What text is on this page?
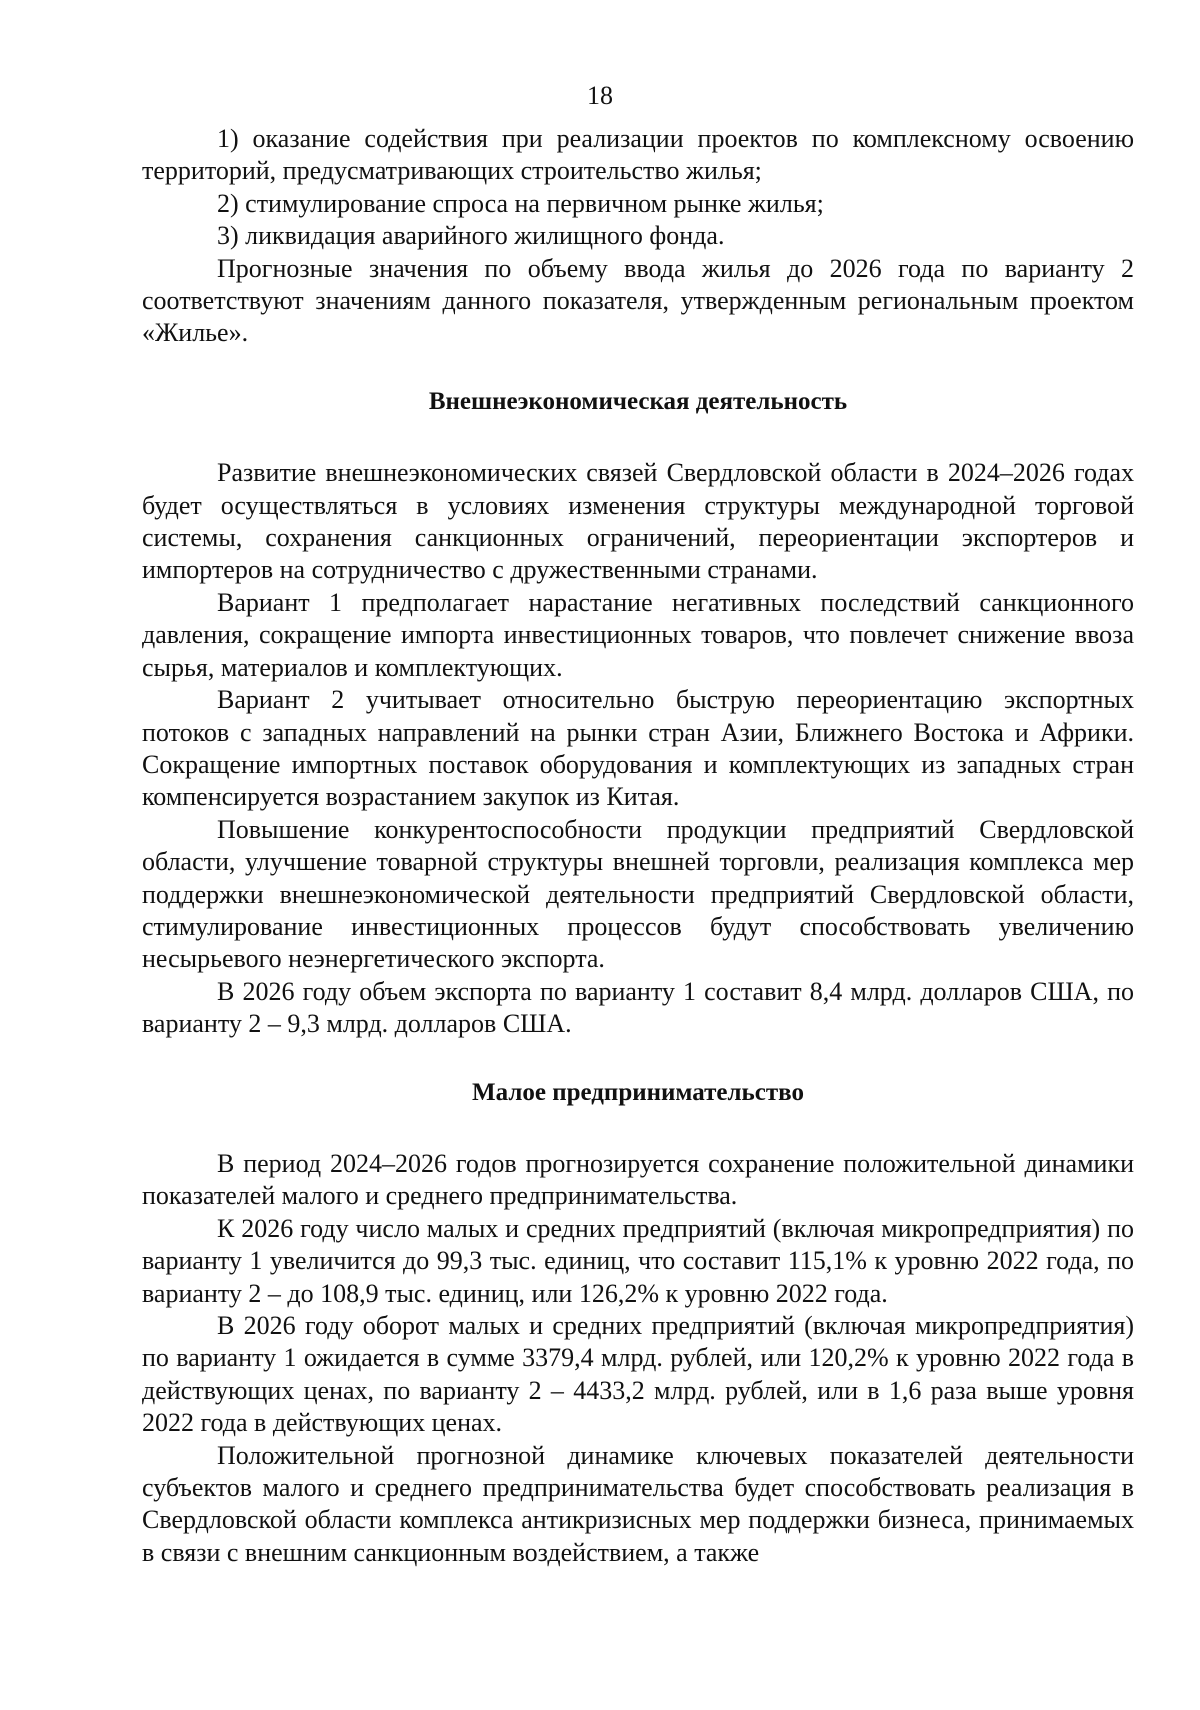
18

1) оказание содействия при реализации проектов по комплексному освоению территорий, предусматривающих строительство жилья;

2) стимулирование спроса на первичном рынке жилья;

3) ликвидация аварийного жилищного фонда.

Прогнозные значения по объему ввода жилья до 2026 года по варианту 2 соответствуют значениям данного показателя, утвержденным региональным проектом «Жилье».

Внешнеэкономическая деятельность

Развитие внешнеэкономических связей Свердловской области в 2024–2026 годах будет осуществляться в условиях изменения структуры международной торговой системы, сохранения санкционных ограничений, переориентации экспортеров и импортеров на сотрудничество с дружественными странами.

Вариант 1 предполагает нарастание негативных последствий санкционного давления, сокращение импорта инвестиционных товаров, что повлечет снижение ввоза сырья, материалов и комплектующих.

Вариант 2 учитывает относительно быструю переориентацию экспортных потоков с западных направлений на рынки стран Азии, Ближнего Востока и Африки. Сокращение импортных поставок оборудования и комплектующих из западных стран компенсируется возрастанием закупок из Китая.

Повышение конкурентоспособности продукции предприятий Свердловской области, улучшение товарной структуры внешней торговли, реализация комплекса мер поддержки внешнеэкономической деятельности предприятий Свердловской области, стимулирование инвестиционных процессов будут способствовать увеличению несырьевого неэнергетического экспорта.

В 2026 году объем экспорта по варианту 1 составит 8,4 млрд. долларов США, по варианту 2 – 9,3 млрд. долларов США.

Малое предпринимательство

В период 2024–2026 годов прогнозируется сохранение положительной динамики показателей малого и среднего предпринимательства.

К 2026 году число малых и средних предприятий (включая микропредприятия) по варианту 1 увеличится до 99,3 тыс. единиц, что составит 115,1% к уровню 2022 года, по варианту 2 – до 108,9 тыс. единиц, или 126,2% к уровню 2022 года.

В 2026 году оборот малых и средних предприятий (включая микропредприятия) по варианту 1 ожидается в сумме 3379,4 млрд. рублей, или 120,2% к уровню 2022 года в действующих ценах, по варианту 2 – 4433,2 млрд. рублей, или в 1,6 раза выше уровня 2022 года в действующих ценах.

Положительной прогнозной динамике ключевых показателей деятельности субъектов малого и среднего предпринимательства будет способствовать реализация в Свердловской области комплекса антикризисных мер поддержки бизнеса, принимаемых в связи с внешним санкционным воздействием, а также
